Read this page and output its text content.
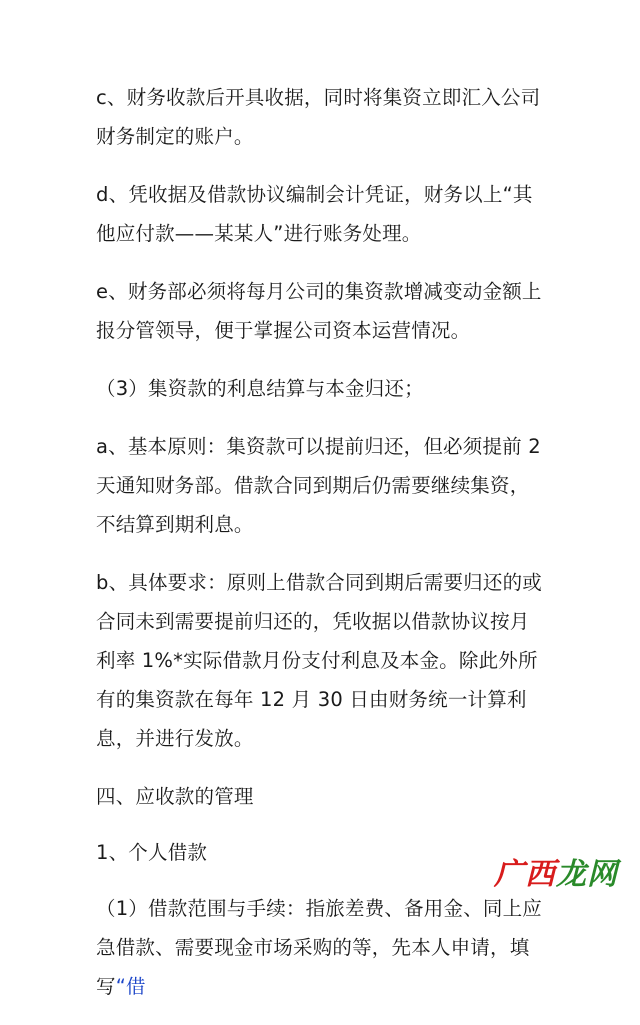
c、财务收款后开具收据，同时将集资立即汇入公司财务制定的账户。

d、凭收据及借款协议编制会计凭证，财务以上“其他应付款——某某人”进行账务处理。

e、财务部必须将每月公司的集资款增减变动金额上报分管领导，便于掌握公司资本运营情况。

（3）集资款的利息结算与本金归还；

a、基本原则：集资款可以提前归还，但必须提前 2 天通知财务部。借款合同到期后仍需要继续集资，不结算到期利息。

b、具体要求：原则上借款合同到期后需要归还的或合同未到需要提前归还的，凭收据以借款协议按月利率 1%*实际借款月份支付利息及本金。除此外所有的集资款在每年 12 月 30 日由财务统一计算利息，并进行发放。

四、应收款的管理

1、个人借款

（1）借款范围与手续：指旅差费、备用金、同上应急借款、需要现金市场采购的等，先本人申请，填写“借

广西龙网
